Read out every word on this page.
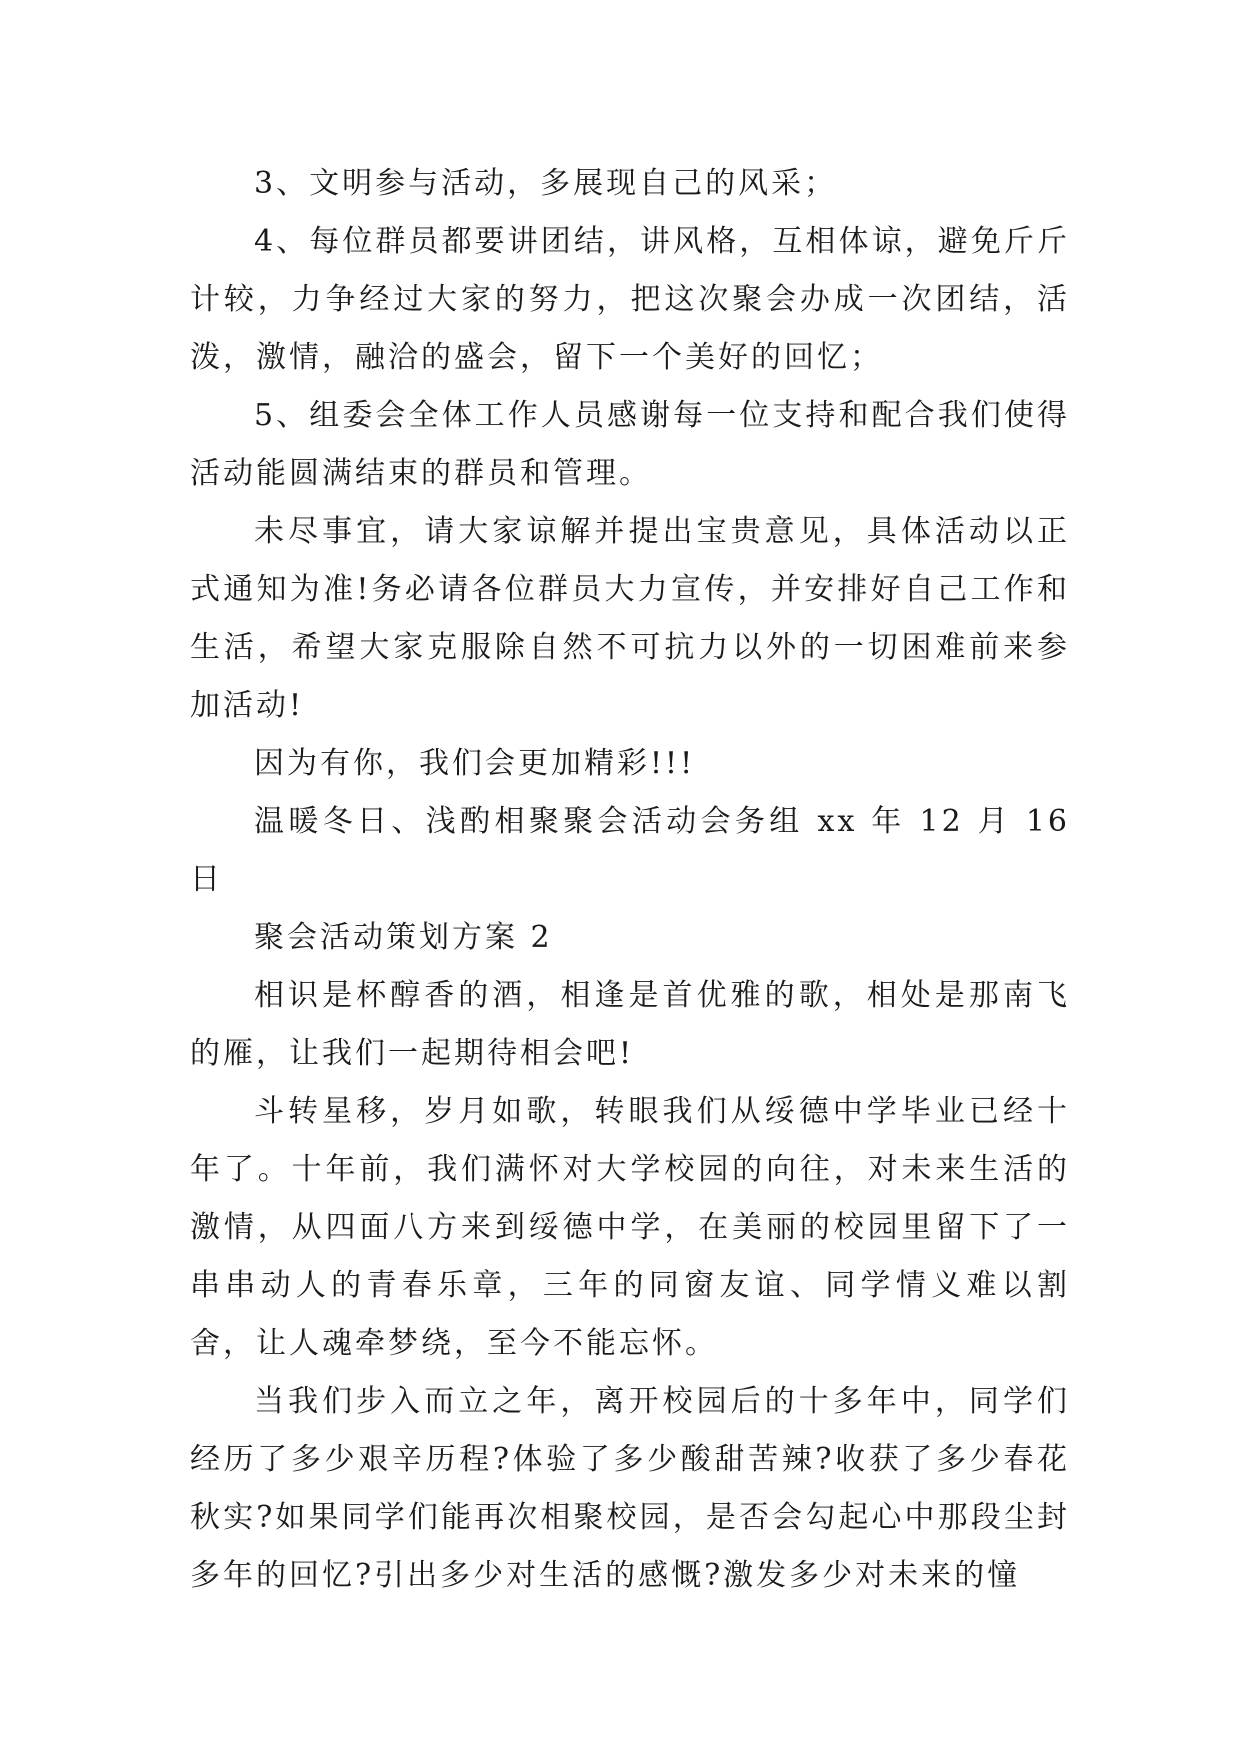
3、文明参与活动，多展现自己的风采；

4、每位群员都要讲团结，讲风格，互相体谅，避免斤斤计较，力争经过大家的努力，把这次聚会办成一次团结，活泼，激情，融洽的盛会，留下一个美好的回忆；

5、组委会全体工作人员感谢每一位支持和配合我们使得活动能圆满结束的群员和管理。

未尽事宜，请大家谅解并提出宝贵意见，具体活动以正式通知为准!务必请各位群员大力宣传，并安排好自己工作和生活，希望大家克服除自然不可抗力以外的一切困难前来参加活动!

因为有你，我们会更加精彩!!!

温暖冬日、浅酌相聚聚会活动会务组 xx 年 12 月 16 日

聚会活动策划方案 2

相识是杯醇香的酒，相逢是首优雅的歌，相处是那南飞的雁，让我们一起期待相会吧!

斗转星移，岁月如歌，转眼我们从绥德中学毕业已经十年了。十年前，我们满怀对大学校园的向往，对未来生活的激情，从四面八方来到绥德中学，在美丽的校园里留下了一串串动人的青春乐章，三年的同窗友谊、同学情义难以割舍，让人魂牵梦绕，至今不能忘怀。

当我们步入而立之年，离开校园后的十多年中，同学们经历了多少艰辛历程?体验了多少酸甜苦辣?收获了多少春花秋实?如果同学们能再次相聚校园，是否会勾起心中那段尘封多年的回忆?引出多少对生活的感慨?激发多少对未来的憧
